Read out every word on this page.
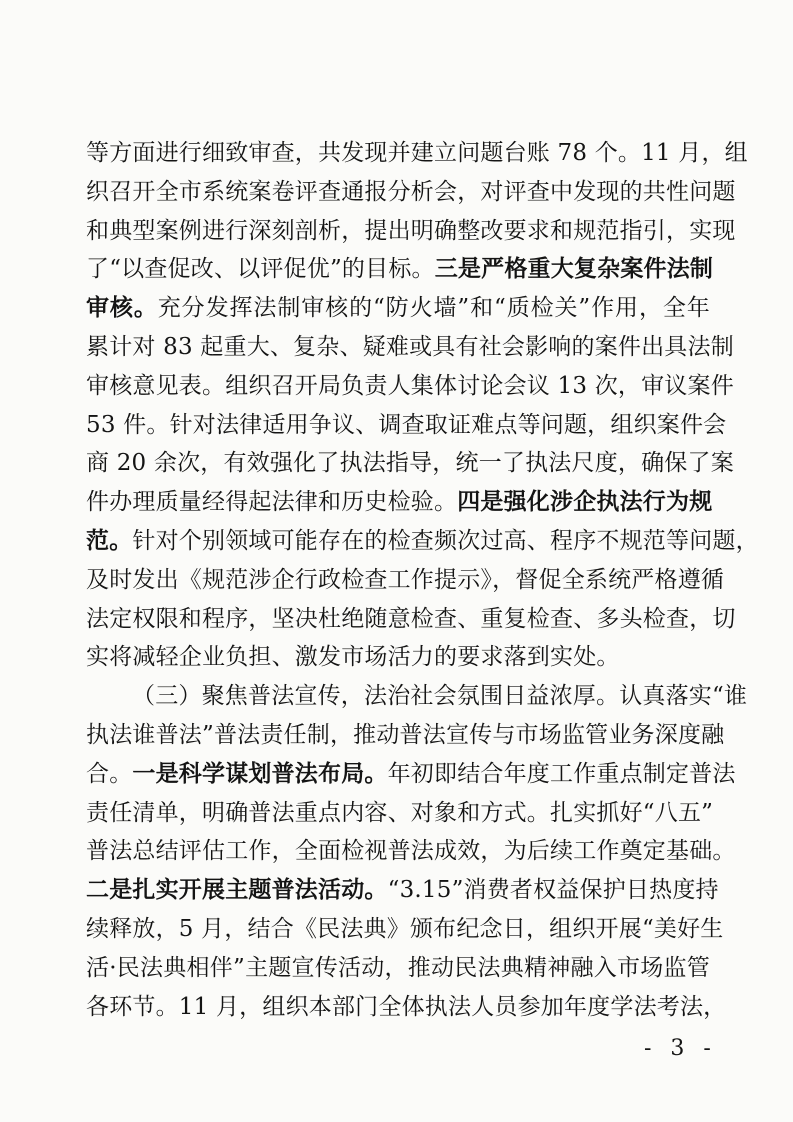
等方面进行细致审查，共发现并建立问题台账 78 个。11 月，组
织召开全市系统案卷评查通报分析会，对评查中发现的共性问题
和典型案例进行深刻剖析，提出明确整改要求和规范指引，实现
了“以查促改、以评促优”的目标。三是严格重大复杂案件法制
审核。充分发挥法制审核的“防火墙”和“质检关”作用，全年
累计对 83 起重大、复杂、疑难或具有社会影响的案件出具法制
审核意见表。组织召开局负责人集体讨论会议 13 次，审议案件
53 件。针对法律适用争议、调查取证难点等问题，组织案件会
商 20 余次，有效强化了执法指导，统一了执法尺度，确保了案
件办理质量经得起法律和历史检验。四是强化涉企执法行为规
范。针对个别领域可能存在的检查频次过高、程序不规范等问题，
及时发出《规范涉企行政检查工作提示》，督促全系统严格遵循
法定权限和程序，坚决杜绝随意检查、重复检查、多头检查，切
实将减轻企业负担、激发市场活力的要求落到实处。
（三）聚焦普法宣传，法治社会氛围日益浓厚。认真落实“谁
执法谁普法”普法责任制，推动普法宣传与市场监管业务深度融
合。一是科学谋划普法布局。年初即结合年度工作重点制定普法
责任清单，明确普法重点内容、对象和方式。扎实抓好“八五”
普法总结评估工作，全面检视普法成效，为后续工作奠定基础。
二是扎实开展主题普法活动。“3.15”消费者权益保护日热度持
续释放，5 月，结合《民法典》颁布纪念日，组织开展“美好生
活·民法典相伴”主题宣传活动，推动民法典精神融入市场监管
各环节。11 月，组织本部门全体执法人员参加年度学法考法，
- 3 -
